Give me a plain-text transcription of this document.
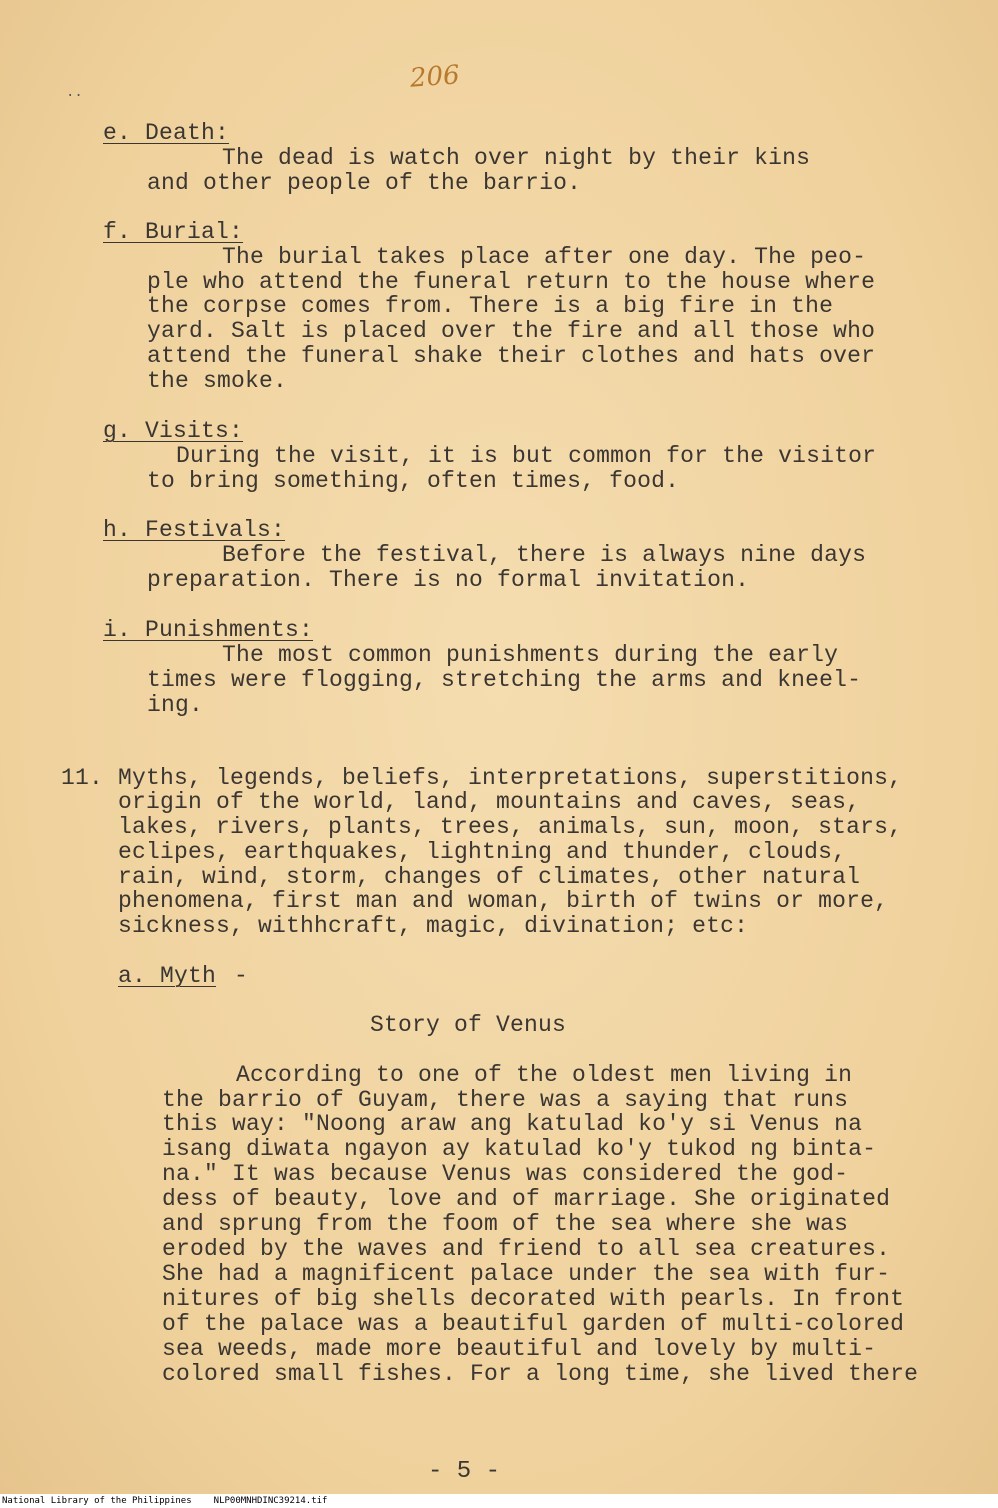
206
..
e. Death:
The dead is watch over night by their kins
and other people of the barrio.
f. Burial:
The burial takes place after one day. The peo-
ple who attend the funeral return to the house where
the corpse comes from. There is a big fire in the
yard. Salt is placed over the fire and all those who
attend the funeral shake their clothes and hats over
the smoke.
g. Visits:
During the visit, it is but common for the visitor
to bring something, often times, food.
h. Festivals:
Before the festival, there is always nine days
preparation. There is no formal invitation.
i. Punishments:
The most common punishments during the early
times were flogging, stretching the arms and kneel-
ing.
11. Myths, legends, beliefs, interpretations, superstitions,
origin of the world, land, mountains and caves, seas,
lakes, rivers, plants, trees, animals, sun, moon, stars,
eclipes, earthquakes, lightning and thunder, clouds,
rain, wind, storm, changes of climates, other natural
phenomena, first man and woman, birth of twins or more,
sickness, withhcraft, magic, divination; etc:
a. Myth -
Story of Venus
According to one of the oldest men living in
the barrio of Guyam, there was a saying that runs
this way: "Noong araw ang katulad ko'y si Venus na
isang diwata ngayon ay katulad ko'y tukod ng binta-
na." It was because Venus was considered the god-
dess of beauty, love and of marriage. She originated
and sprung from the foom of the sea where she was
eroded by the waves and friend to all sea creatures.
She had a magnificent palace under the sea with fur-
nitures of big shells decorated with pearls. In front
of the palace was a beautiful garden of multi-colored
sea weeds, made more beautiful and lovely by multi-
colored small fishes. For a long time, she lived there
- 5 -
National Library of the Philippines NLP00MNHDINC39214.tif
